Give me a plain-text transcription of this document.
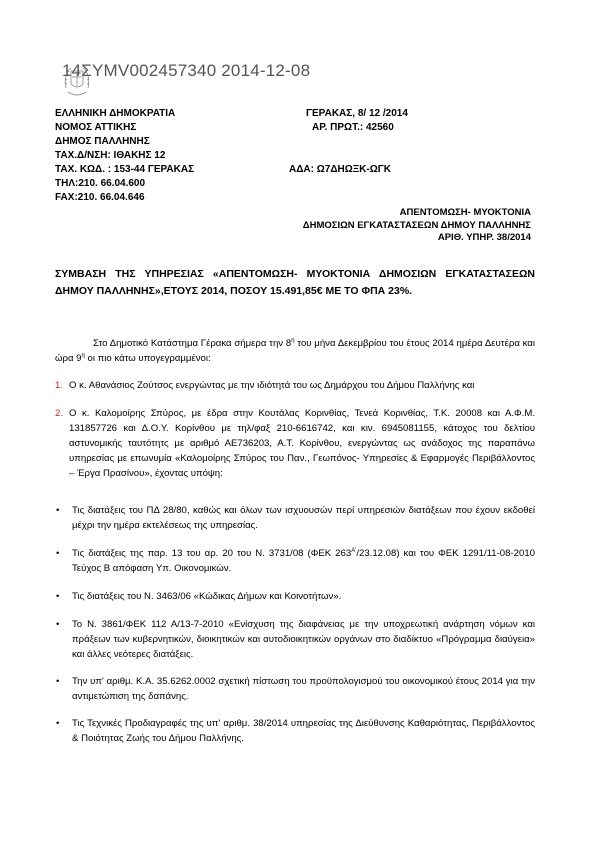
14ΣΥΜV002457340 2014-12-08
ΕΛΛΗΝΙΚΗ ΔΗΜΟΚΡΑΤΙΑ
ΝΟΜΟΣ ΑΤΤΙΚΗΣ
ΔΗΜΟΣ ΠΑΛΛΗΝΗΣ
ΤΑΧ.Δ/ΝΣΗ: ΙΘΑΚΗΣ 12
ΤΑΧ. ΚΩΔ. : 153-44 ΓΕΡΑΚΑΣ
ΤΗΛ:210. 66.04.600
FAX:210. 66.04.646
ΓΕΡΑΚΑΣ, 8/ 12 /2014
ΑΡ. ΠΡΩΤ.: 42560
ΑΔΑ: Ω7ΔΗΩΞΚ-ΩΓΚ
ΑΠΕΝΤΟΜΩΣΗ- ΜΥΟΚΤΟΝΙΑ
ΔΗΜΟΣΙΩΝ ΕΓΚΑΤΑΣΤΑΣΕΩΝ ΔΗΜΟΥ ΠΑΛΛΗΝΗΣ
ΑΡΙΘ. ΥΠΗΡ. 38/2014
ΣΥΜΒΑΣΗ ΤΗΣ ΥΠΗΡΕΣΙΑΣ «ΑΠΕΝΤΟΜΩΣΗ- ΜΥΟΚΤΟΝΙΑ ΔΗΜΟΣΙΩΝ ΕΓΚΑΤΑΣΤΑΣΕΩΝ ΔΗΜΟΥ ΠΑΛΛΗΝΗΣ»,ΕΤΟΥΣ 2014, ΠΟΣΟΥ 15.491,85€ ΜΕ ΤΟ ΦΠΑ 23%.
Στο Δημοτικό Κατάστημα Γέρακα σήμερα την $8^\eta$ του μήνα Δεκεμβρίου του έτους 2014 ημέρα Δευτέρα και ώρα $9^\eta$ οι πιο κάτω υπογεγραμμένοι:
1. Ο κ. Αθανάσιος Ζούτσος ενεργώντας με την ιδιότητά του ως Δημάρχου του Δήμου Παλλήνης και
2. Ο κ. Καλομοίρης Σπύρος, με έδρα στην Κουτάλας Κορινθίας, Τενεά Κορινθίας, Τ.Κ. 20008 και Α.Φ.Μ. 131857726 και Δ.Ο.Υ. Κορίνθου με τηλ/φαξ 210-6616742, και κιν. 6945081155, κάτοχος του δελτίου αστυνομικής ταυτότητς με αριθμό ΑΕ736203, Α.Τ. Κορίνθου, ενεργώντας ως ανάδοχος της παραπάνω υπηρεσίας με επωνυμία «Καλομοίρης Σπύρος του Παν., Γεωπόνος- Υπηρεσίες & Εφαρμογές Περιβάλλοντος – Έργα Πρασίνου», έχοντας υπόψη:
• Τις διατάξεις του ΠΔ 28/80, καθώς και όλων των ισχυουσών περί υπηρεσιών διατάξεων που έχουν εκδοθεί μέχρι την ημέρα εκτελέσεως της υπηρεσίας.
• Τις διατάξεις της παρ. 13 του αρ. 20 του Ν. 3731/08 (ΦΕΚ $263^{A'}/23.12.08$) και του ΦΕΚ 1291/11-08-2010 Τεύχος Β απόφαση Υπ. Οικονομικών.
• Τις διατάξεις του Ν. 3463/06 «Κώδικας Δήμων και Κοινοτήτων».
• Το Ν. 3861/ΦΕΚ 112 Α/13-7-2010 «Ενίσχυση της διαφάνειας με την υποχρεωτική ανάρτηση νόμων και πράξεων των κυβερνητικών, διοικητικών και αυτοδιοικητικών οργάνων στο διαδίκτυο «Πρόγραμμα διαύγεια» και άλλες νεότερες διατάξεις.
• Την υπ' αριθμ. Κ.Α. 35.6262.0002 σχετική πίστωση του προϋπολογισμού του οικονομικού έτους 2014 για την αντιμετώπιση της δαπάνης.
• Τις Τεχνικές Προδιαγραφές της υπ' αριθμ. 38/2014 υπηρεσίας της Διεύθυνσης Καθαριότητας, Περιβάλλοντος & Ποιότητας Ζωής του Δήμου Παλλήνης.
